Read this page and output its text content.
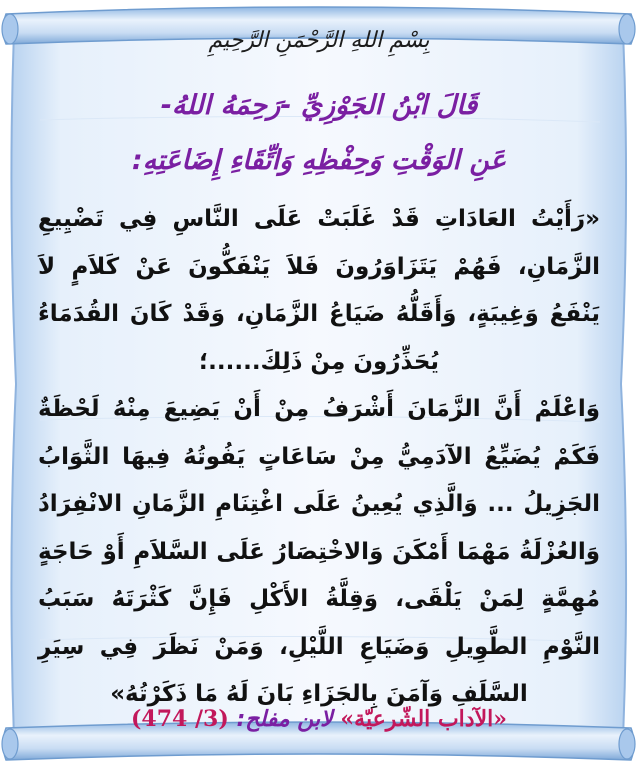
بِسْمِ اللهِ الرَّحْمَنِ الرَّحِيمِ
قَالَ ابْنُ الجَوْزِيِّ -رَحِمَهُ اللهُ-
عَنِ الوَقْتِ وَحِفْظِهِ وَاتِّقَاءِ إِضَاعَتِهِ:

«رَأَيْتُ العَادَاتِ قَدْ غَلَبَتْ عَلَى النَّاسِ فِي تَضْيِيعِ الزَّمَانِ، فَهُمْ يَتَزَاوَرُونَ فَلاَ يَنْفَكُّونَ عَنْ كَلاَمٍ لاَ يَنْفَعُ وَغِيبَةٍ، وَأَقَلُّهُ ضَيَاعُ الزَّمَانِ، وَقَدْ كَانَ القُدَمَاءُ يُحَذِّرُونَ مِنْ ذَلِكَ......؛

وَاعْلَمْ أَنَّ الزَّمَانَ أَشْرَفُ مِنْ أَنْ يَضِيعَ مِنْهُ لَحْظَةٌ فَكَمْ يُضَيِّعُ الآدَمِيُّ مِنْ سَاعَاتٍ يَفُوتُهُ فِيهَا الثَّوَابُ الجَزِيلُ ... وَالَّذِي يُعِينُ عَلَى اغْتِنَامِ الزَّمَانِ الانْفِرَادُ وَالعُزْلَةُ مَهْمَا أَمْكَنَ وَالاخْتِصَارُ عَلَى السَّلاَمِ أَوْ حَاجَةٍ مُهِمَّةٍ لِمَنْ يَلْقَى، وَقِلَّةُ الأَكْلِ فَإِنَّ كَثْرَتَهُ سَبَبُ النَّوْمِ الطَّوِيلِ وَضَيَاعِ اللَّيْلِ، وَمَنْ نَظَرَ فِي سِيَرِ السَّلَفِ وَآمَنَ بِالجَزَاءِ بَانَ لَهُ مَا ذَكَرْتُهُ»

«الآداب الشّرعيّة» لابن مفلح: (3/ 474)
